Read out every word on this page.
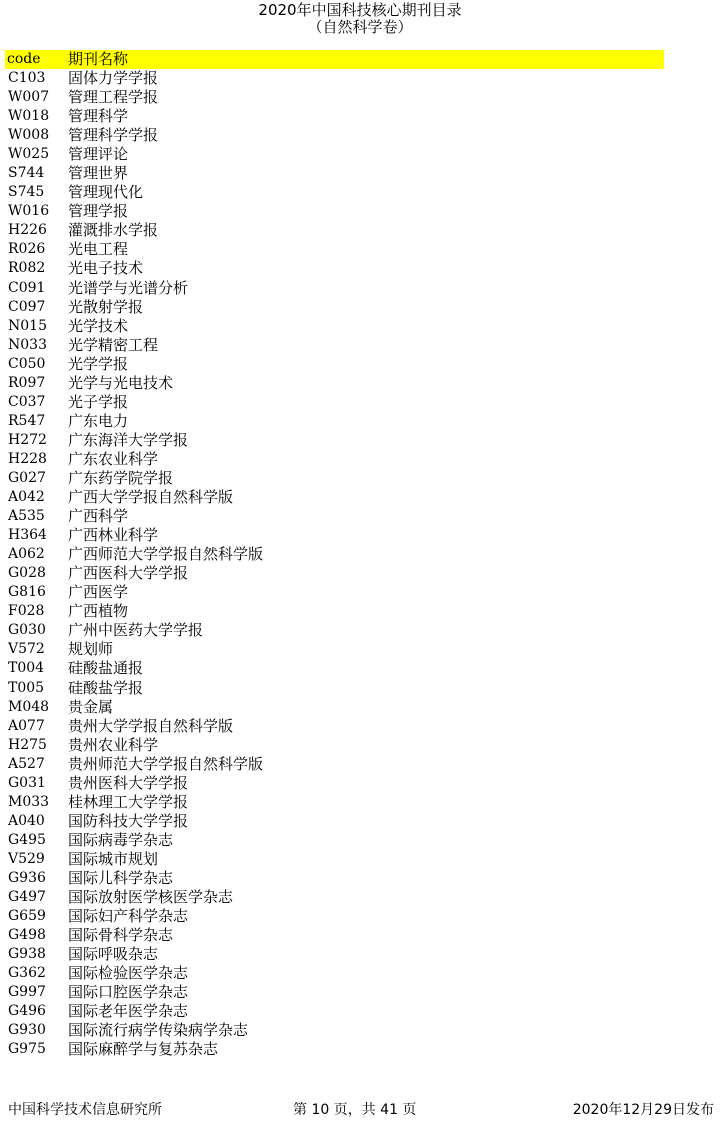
2020年中国科技核心期刊目录
（自然科学卷）
code 期刊名称
C103 固体力学学报
W007 管理工程学报
W018 管理科学
W008 管理科学学报
W025 管理评论
S744 管理世界
S745 管理现代化
W016 管理学报
H226 灌溉排水学报
R026 光电工程
R082 光电子技术
C091 光谱学与光谱分析
C097 光散射学报
N015 光学技术
N033 光学精密工程
C050 光学学报
R097 光学与光电技术
C037 光子学报
R547 广东电力
H272 广东海洋大学学报
H228 广东农业科学
G027 广东药学院学报
A042 广西大学学报自然科学版
A535 广西科学
H364 广西林业科学
A062 广西师范大学学报自然科学版
G028 广西医科大学学报
G816 广西医学
F028 广西植物
G030 广州中医药大学学报
V572 规划师
T004 硅酸盐通报
T005 硅酸盐学报
M048 贵金属
A077 贵州大学学报自然科学版
H275 贵州农业科学
A527 贵州师范大学学报自然科学版
G031 贵州医科大学学报
M033 桂林理工大学学报
A040 国防科技大学学报
G495 国际病毒学杂志
V529 国际城市规划
G936 国际儿科学杂志
G497 国际放射医学核医学杂志
G659 国际妇产科学杂志
G498 国际骨科学杂志
G938 国际呼吸杂志
G362 国际检验医学杂志
G997 国际口腔医学杂志
G496 国际老年医学杂志
G930 国际流行病学传染病学杂志
G975 国际麻醉学与复苏杂志
中国科学技术信息研究所	第 10 页，共 41 页	2020年12月29日发布
